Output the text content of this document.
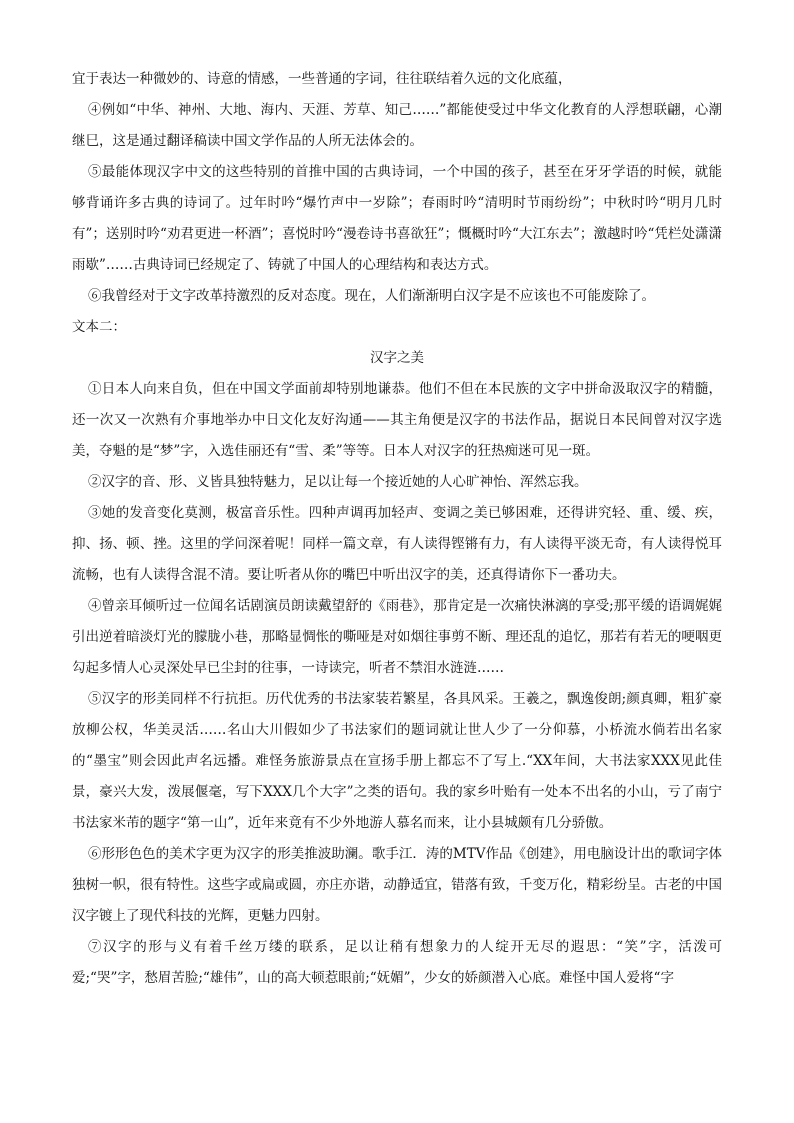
宜于表达一种微妙的、诗意的情感，一些普通的字词，往往联结着久远的文化底蕴，

④例如“中华、神州、大地、海内、天涯、芳草、知己……”都能使受过中华文化教育的人浮想联翩，心潮继巳，这是通过翻译稿读中国文学作品的人所无法体会的。

⑤最能体现汉字中文的这些特别的首推中国的古典诗词，一个中国的孩子，甚至在牙牙学语的时候，就能够背诵许多古典的诗词了。过年时吟“爆竹声中一岁除”；春雨时吟“清明时节雨纷纷”；中秋时吟“明月几时有”；送别时吟“劝君更进一杯酒”；喜悦时吟“漫卷诗书喜欲狂”；慨概时吟“大江东去”；激越时吟“凭栏处潇潇雨歇”……古典诗词已经规定了、铸就了中国人的心理结构和表达方式。

⑥我曾经对于文字改革持激烈的反对态度。现在，人们渐渐明白汉字是不应该也不可能废除了。

文本二：

汉字之美

①日本人向来自负，但在中国文学面前却特别地谦恭。他们不但在本民族的文字中拼命汲取汉字的精髓，还一次又一次熟有介事地举办中日文化友好沟通——其主角便是汉字的书法作品，据说日本民间曾对汉字选美，夺魁的是“梦”字，入选佳丽还有“雪、柔”等等。日本人对汉字的狂热痴迷可见一斑。

②汉字的音、形、义皆具独特魅力，足以让每一个接近她的人心旷神怡、浑然忘我。

③她的发音变化莫测，极富音乐性。四种声调再加轻声、变调之美已够困难，还得讲究轻、重、缓、疾，抑、扬、顿、挫。这里的学问深着呢！同样一篇文章，有人读得铿锵有力，有人读得平淡无奇，有人读得悦耳流畅，也有人读得含混不清。要让听者从你的嘴巴中听出汉字的美，还真得请你下一番功夫。

④曾亲耳倾听过一位闻名话剧演员朗读戴望舒的《雨巷》，那肯定是一次痛快淋漓的享受;那平缓的语调娓娓引出逆着暗淡灯光的朦胧小巷，那略显惆怅的嘶哑是对如烟往事剪不断、理还乱的追忆，那若有若无的哽咽更勾起多情人心灵深处早已尘封的往事，一诗读完，听者不禁泪水涟涟……

⑤汉字的形美同样不行抗拒。历代优秀的书法家装若繁星，各具风采。王羲之，飘逸俊朗;颜真卿，粗犷豪放柳公权，华美灵活……名山大川假如少了书法家们的题词就让世人少了一分仰慕，小桥流水倘若出名家的“墨宝”则会因此声名远播。难怪务旅游景点在宣扬手册上都忘不了写上.“XX年间，大书法家XXX见此佳景，豪兴大发，泼展偃毫，写下XXX几个大字”之类的语句。我的家乡叶贻有一处本不出名的小山，亏了南宁书法家米芾的题字“第一山”，近年来竟有不少外地游人慕名而来，让小县城颇有几分骄傲。

⑥形形色色的美术字更为汉字的形美推波助澜。歌手江．涛的MTV作品《创建》，用电脑设计出的歌词字体独树一帜，很有特性。这些字或扁或圆，亦庄亦谐，动静适宜，错落有致，千变万化，精彩纷呈。古老的中国汉字镀上了现代科技的光辉，更魅力四射。

⑦汉字的形与义有着千丝万缕的联系，足以让稍有想象力的人绽开无尽的遐思：“笑”字，活泼可爱;“哭”字，愁眉苦脸;“雄伟”，山的高大顿惹眼前;“妩媚”，少女的娇颜潜入心底。难怪中国人爱将“字
